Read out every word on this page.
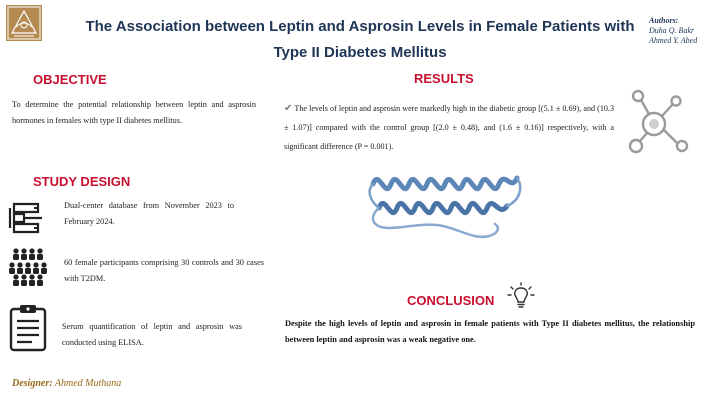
The Association between Leptin and Asprosin Levels in Female Patients with
Type II Diabetes Mellitus
Authors:
Duha Q. Bakr
Ahmed Y. Abed
OBJECTIVE

To determine the potential relationship between leptin and asprosin hormones in females with type II diabetes mellitus.

STUDY DESIGN

Dual-center database from November 2023 to February 2024.

60 female participants comprising 30 controls and 30 cases with T2DM.

Serum quantification of leptin and asprosin was conducted using ELISA.

RESULTS

✔ The levels of leptin and asprosin were markedly high in the diabetic group [(5.1 ± 0.69), and (10.3 ± 1.07)] compared with the control group [(2.0 ± 0.48), and (1.6 ± 0.16)] respectively, with a significant difference (P = 0.001).

CONCLUSION

Despite the high levels of leptin and asprosin in female patients with Type II diabetes mellitus, the relationship between leptin and asprosin was a weak negative one.

Designer: Ahmed Muthana
